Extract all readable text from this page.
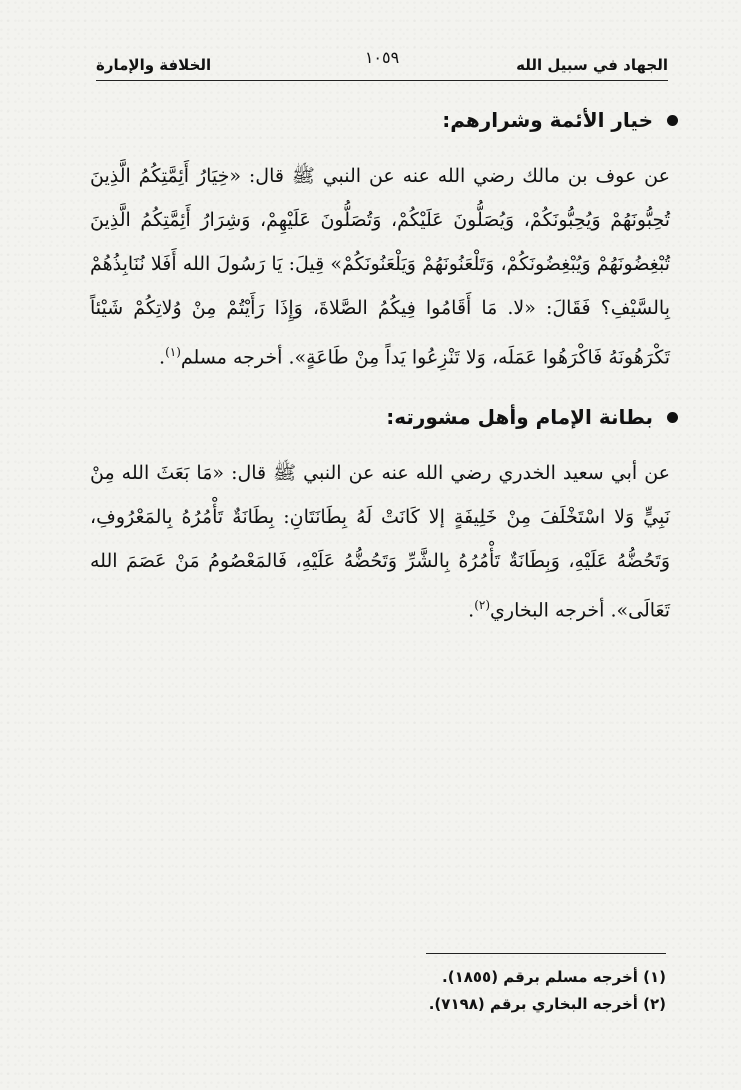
الجهاد في سبيل الله
١٠٥٩
الخلافة والإمارة
خيار الأئمة وشرارهم:

عن عوف بن مالك رضي الله عنه عن النبي ﷺ قال: «خِيَارُ أَئِمَّتِكُمُ الَّذِينَ تُحِبُّونَهُمْ وَيُحِبُّونَكُمْ، وَيُصَلُّونَ عَلَيْكُمْ، وَتُصَلُّونَ عَلَيْهِمْ، وَشِرَارُ أَئِمَّتِكُمُ الَّذِينَ تُبْغِضُونَهُمْ وَيُبْغِضُونَكُمْ، وَتَلْعَنُونَهُمْ وَيَلْعَنُونَكُمْ» قِيلَ: يَا رَسُولَ الله أَفَلا نُنَابِذُهُمْ بِالسَّيْفِ؟ فَقَالَ: «لا. مَا أَقَامُوا فِيكُمُ الصَّلاةَ، وَإِذَا رَأَيْتُمْ مِنْ وُلاتِكُمْ شَيْئاً تَكْرَهُونَهُ فَاكْرَهُوا عَمَلَه، وَلا تَنْزِعُوا يَداً مِنْ طَاعَةٍ». أخرجه مسلم$^{(١)}$.

بطانة الإمام وأهل مشورته:

عن أبي سعيد الخدري رضي الله عنه عن النبي ﷺ قال: «مَا بَعَثَ الله مِنْ نَبِيٍّ وَلا اسْتَخْلَفَ مِنْ خَلِيفَةٍ إلا كَانَتْ لَهُ بِطَانَتَانِ: بِطَانَةٌ تَأْمُرُهُ بِالمَعْرُوفِ، وَتَحُضُّهُ عَلَيْهِ، وَبِطَانَةٌ تَأْمُرُهُ بِالشَّرِّ وَتَحُضُّهُ عَلَيْهِ، فَالمَعْصُومُ مَنْ عَصَمَ الله تَعَالَى». أخرجه البخاري$^{(٢)}$.

(١) أخرجه مسلم برقم (١٨٥٥).

(٢) أخرجه البخاري برقم (٧١٩٨).
